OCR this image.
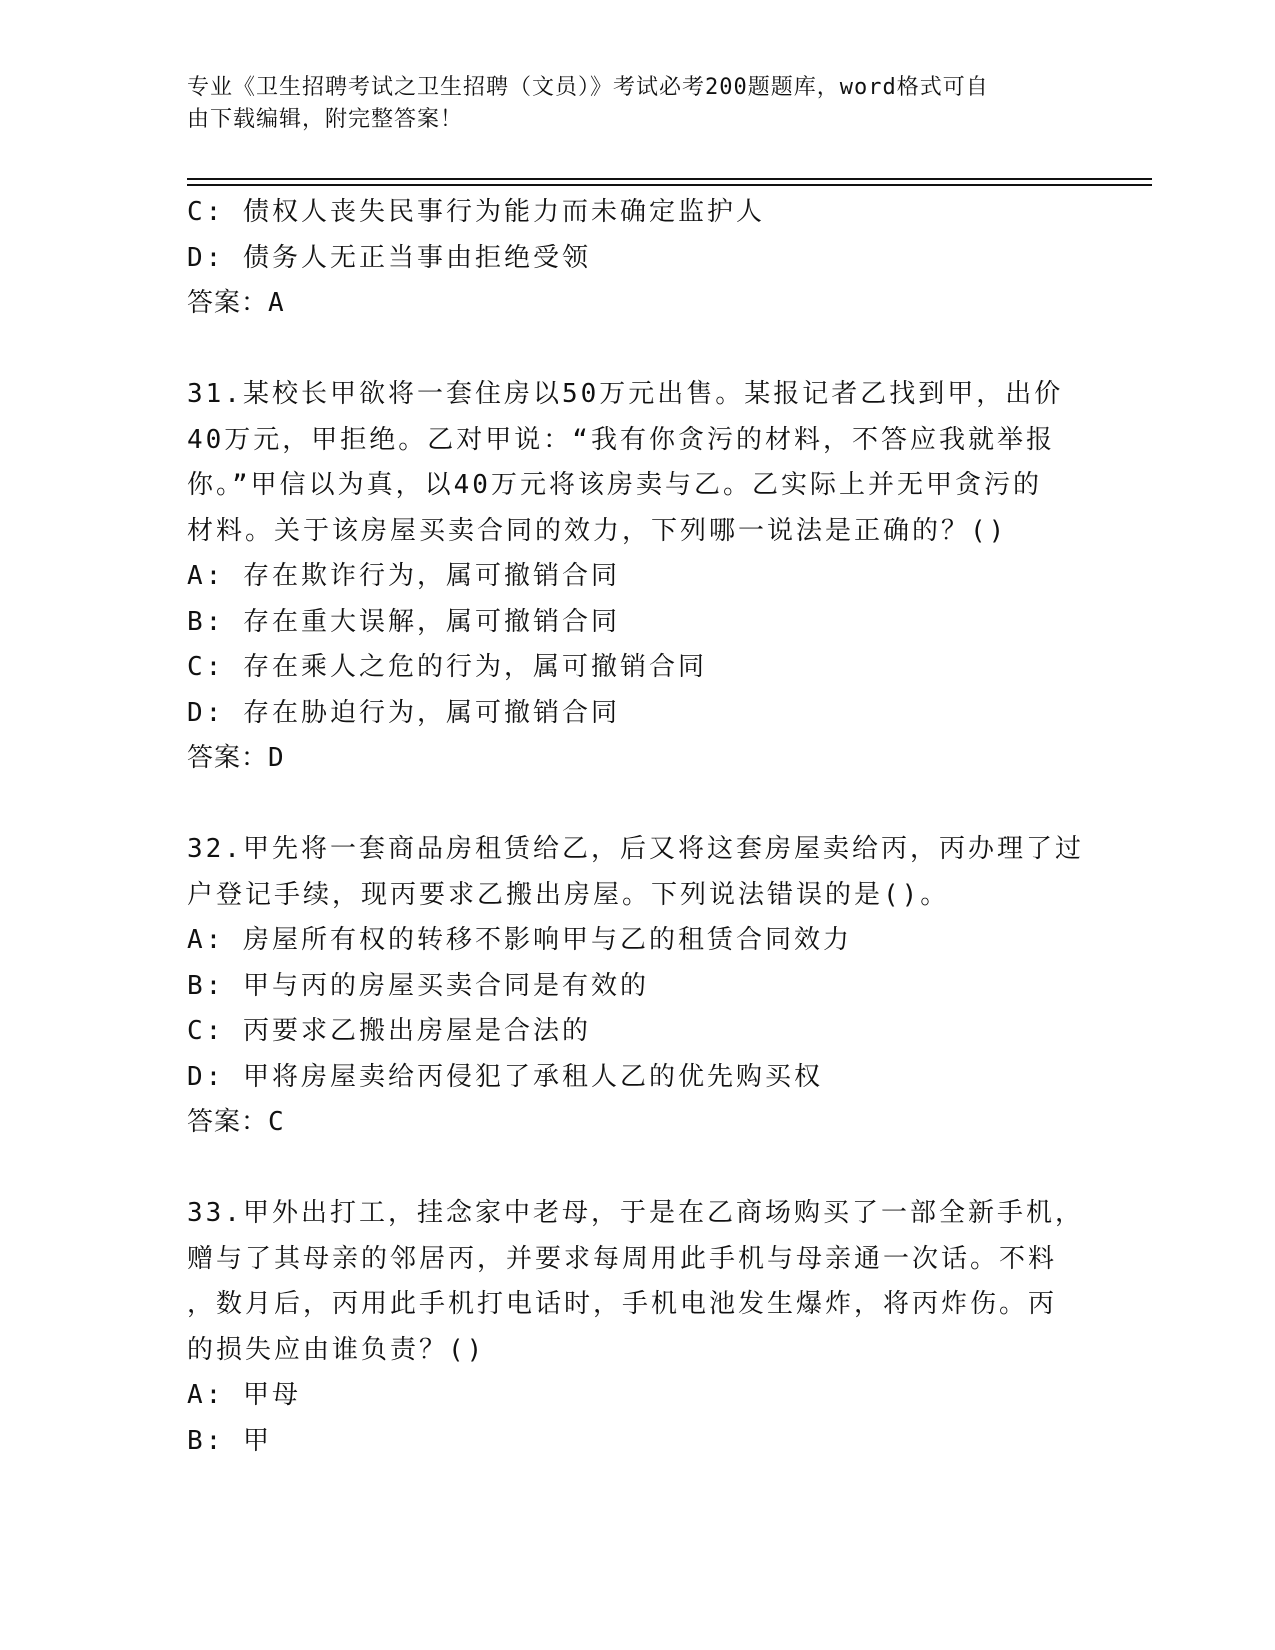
专业《卫生招聘考试之卫生招聘（文员）》考试必考200题题库，word格式可自
由下载编辑，附完整答案！
C: 债权人丧失民事行为能力而未确定监护人
D: 债务人无正当事由拒绝受领
答案：A
31.某校长甲欲将一套住房以50万元出售。某报记者乙找到甲，出价
40万元，甲拒绝。乙对甲说：“我有你贪污的材料，不答应我就举报
你。”甲信以为真，以40万元将该房卖与乙。乙实际上并无甲贪污的
材料。关于该房屋买卖合同的效力，下列哪一说法是正确的？()
A: 存在欺诈行为，属可撤销合同
B: 存在重大误解，属可撤销合同
C: 存在乘人之危的行为，属可撤销合同
D: 存在胁迫行为，属可撤销合同
答案：D
32.甲先将一套商品房租赁给乙，后又将这套房屋卖给丙，丙办理了过
户登记手续，现丙要求乙搬出房屋。下列说法错误的是()。
A: 房屋所有权的转移不影响甲与乙的租赁合同效力
B: 甲与丙的房屋买卖合同是有效的
C: 丙要求乙搬出房屋是合法的
D: 甲将房屋卖给丙侵犯了承租人乙的优先购买权
答案：C
33.甲外出打工，挂念家中老母，于是在乙商场购买了一部全新手机，
赠与了其母亲的邻居丙，并要求每周用此手机与母亲通一次话。不料
，数月后，丙用此手机打电话时，手机电池发生爆炸，将丙炸伤。丙
的损失应由谁负责？()
A: 甲母
B: 甲
